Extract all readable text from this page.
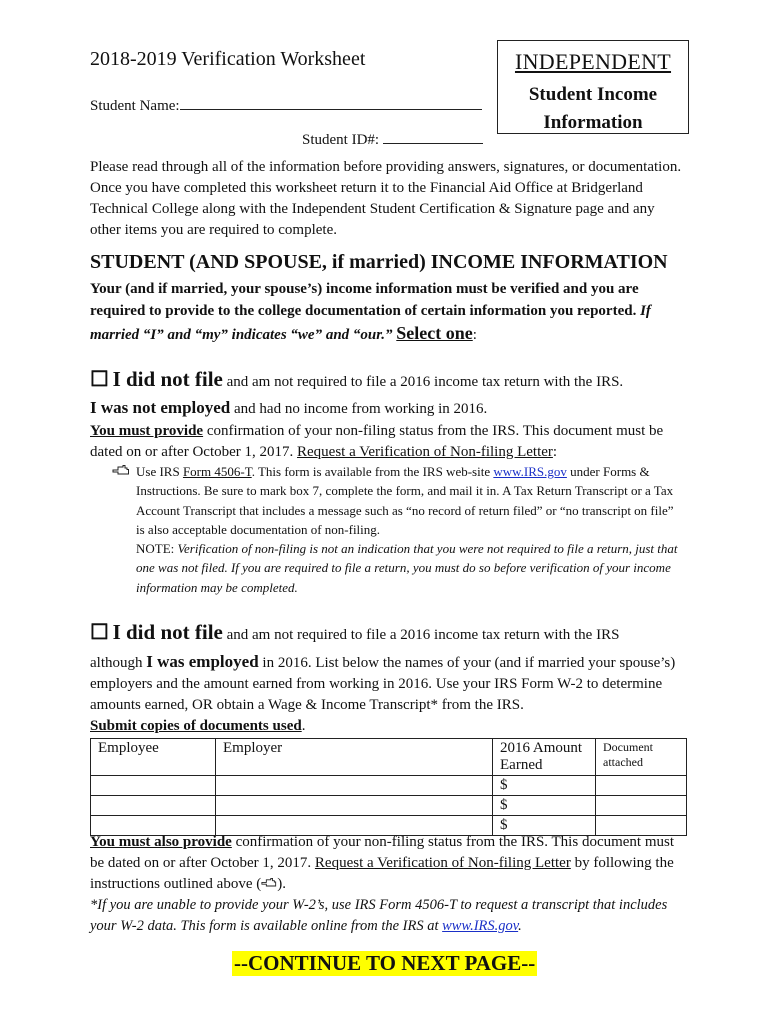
2018-2019 Verification Worksheet	INDEPENDENT
Student Income
Information
Student Name:
Student ID#:
Please read through all of the information before providing answers, signatures, or documentation. Once you have completed this worksheet return it to the Financial Aid Office at Bridgerland Technical College along with the Independent Student Certification & Signature page and any other items you are required to complete.
STUDENT (AND SPOUSE, if married) INCOME INFORMATION
Your (and if married, your spouse’s) income information must be verified and you are required to provide to the college documentation of certain information you reported. If married “I” and “my” indicates “we” and “our.” Select one:
☐ I did not file and am not required to file a 2016 income tax return with the IRS.
I was not employed and had no income from working in 2016.
You must provide confirmation of your non-filing status from the IRS. This document must be dated on or after October 1, 2017. Request a Verification of Non-filing Letter:
Use IRS Form 4506-T. This form is available from the IRS web-site www.IRS.gov under Forms & Instructions. Be sure to mark box 7, complete the form, and mail it in. A Tax Return Transcript or a Tax Account Transcript that includes a message such as “no record of return filed” or “no transcript on file” is also acceptable documentation of non-filing.
NOTE: Verification of non-filing is not an indication that you were not required to file a return, just that one was not filed. If you are required to file a return, you must do so before verification of your income information may be completed.
☐ I did not file and am not required to file a 2016 income tax return with the IRS
although I was employed in 2016. List below the names of your (and if married your spouse’s) employers and the amount earned from working in 2016. Use your IRS Form W-2 to determine amounts earned, OR obtain a Wage & Income Transcript* from the IRS.
Submit copies of documents used.
Employee	Employer	2016 Amount Earned	Document attached
		$	
		$	
		$	
You must also provide confirmation of your non-filing status from the IRS. This document must be dated on or after October 1, 2017. Request a Verification of Non-filing Letter by following the instructions outlined above ( ).
*If you are unable to provide your W-2’s, use IRS Form 4506-T to request a transcript that includes your W-2 data. This form is available online from the IRS at www.IRS.gov.
--CONTINUE TO NEXT PAGE--
